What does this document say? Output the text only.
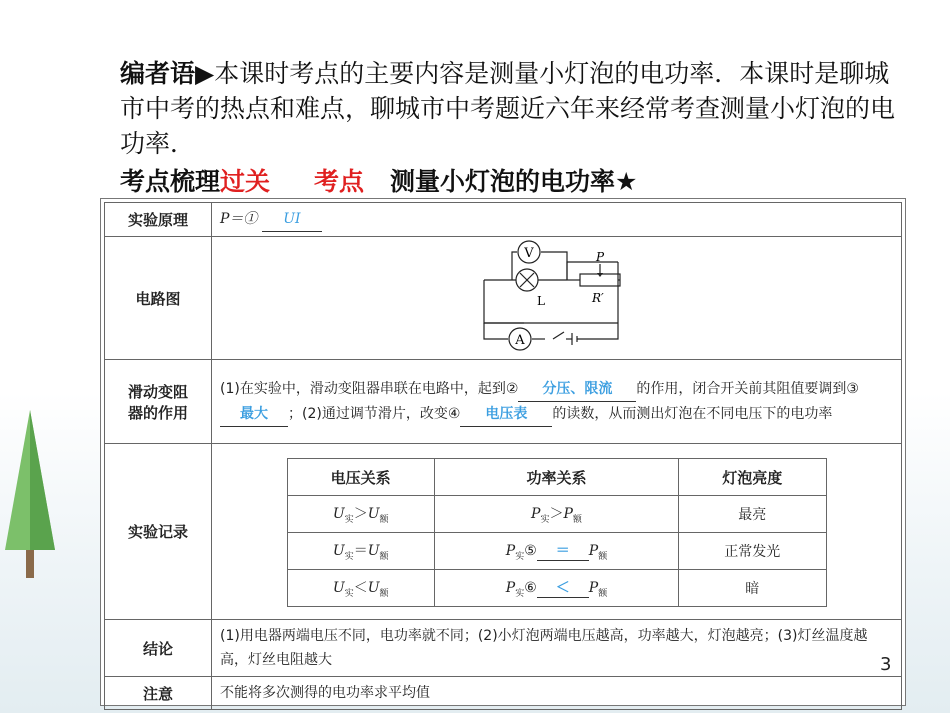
编者语▶本课时考点的主要内容是测量小灯泡的电功率．本课时是聊城市中考的热点和难点，聊城市中考题近六年来经常考查测量小灯泡的电功率．
考点梳理过关 考点 测量小灯泡的电功率★
实验原理	P＝① UI
电路图	
V
A
L
P
R′

滑动变阻
器的作用
	(1)在实验中，滑动变阻器串联在电路中，起到② 分压、限流 的作用，闭合开关前其阻值要调到③最大 ；(2)通过调节滑片，改变④ 电压表 的读数，从而测出灯泡在不同电压下的电功率
实验记录	
电压关系	功率关系	灯泡亮度
$U_实>U_额$	$P_实>P_额$	最亮
$U_实=U_额$	$P_实⑤ = P_额$	正常发光
$U_实<U_额$	$P_实⑥ < P_额$	暗

结论	(1)用电器两端电压不同，电功率就不同；(2)小灯泡两端电压越高，功率越大，灯泡越亮；(3)灯丝温度越高，灯丝电阻越大
注意	不能将多次测得的电功率求平均值
3
